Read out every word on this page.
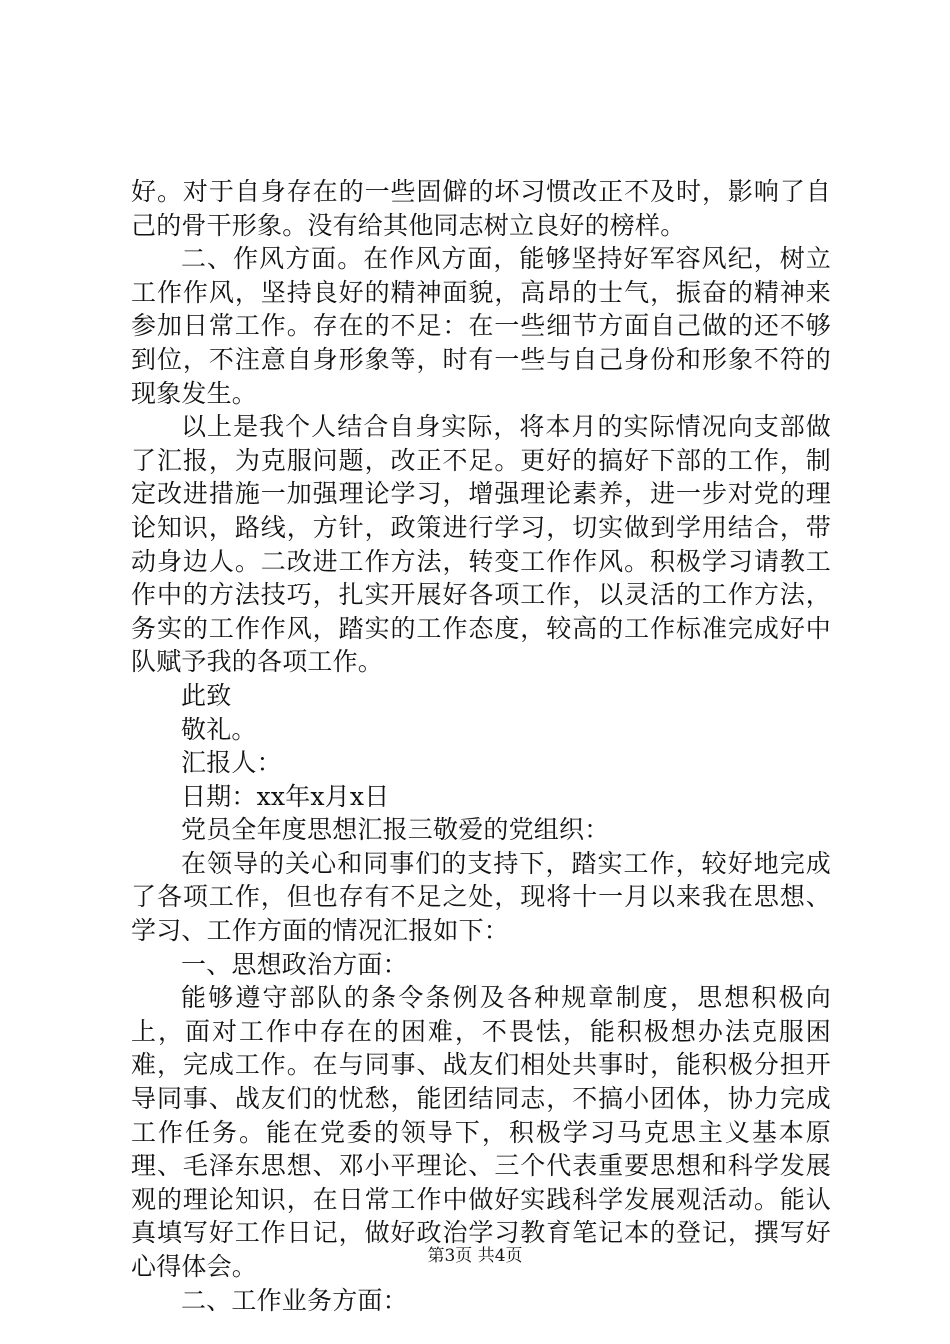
好。对于自身存在的一些固僻的坏习惯改正不及时，影响了自己的骨干形象。没有给其他同志树立良好的榜样。

二、作风方面。在作风方面，能够坚持好军容风纪，树立工作作风，坚持良好的精神面貌，高昂的士气，振奋的精神来参加日常工作。存在的不足：在一些细节方面自己做的还不够到位，不注意自身形象等，时有一些与自己身份和形象不符的现象发生。

以上是我个人结合自身实际，将本月的实际情况向支部做了汇报，为克服问题，改正不足。更好的搞好下部的工作，制定改进措施一加强理论学习，增强理论素养，进一步对党的理论知识，路线，方针，政策进行学习，切实做到学用结合，带动身边人。二改进工作方法，转变工作作风。积极学习请教工作中的方法技巧，扎实开展好各项工作，以灵活的工作方法，务实的工作作风，踏实的工作态度，较高的工作标准完成好中队赋予我的各项工作。

此致

敬礼。

汇报人：

日期：xx年x月x日

党员全年度思想汇报三敬爱的党组织：

在领导的关心和同事们的支持下，踏实工作，较好地完成了各项工作，但也存有不足之处，现将十一月以来我在思想、学习、工作方面的情况汇报如下：

一、思想政治方面：

能够遵守部队的条令条例及各种规章制度，思想积极向上，面对工作中存在的困难，不畏怯，能积极想办法克服困难，完成工作。在与同事、战友们相处共事时，能积极分担开导同事、战友们的忧愁，能团结同志，不搞小团体，协力完成工作任务。能在党委的领导下，积极学习马克思主义基本原理、毛泽东思想、邓小平理论、三个代表重要思想和科学发展观的理论知识，在日常工作中做好实践科学发展观活动。能认真填写好工作日记，做好政治学习教育笔记本的登记，撰写好心得体会。

二、工作业务方面：

第3页 共4页
